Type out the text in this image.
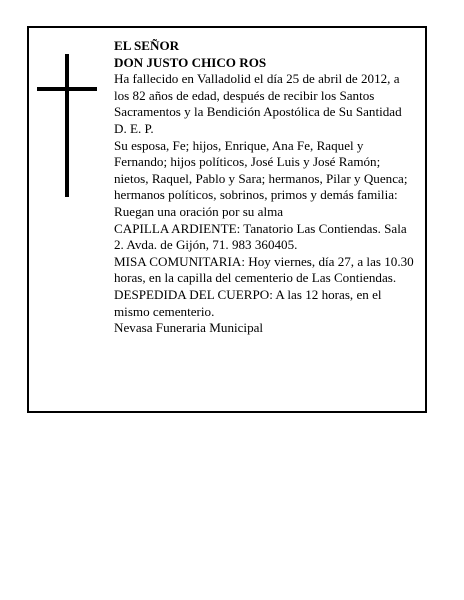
EL SEÑOR

DON JUSTO CHICO ROS

Ha fallecido en Valladolid el día 25 de abril de 2012, a los 82 años de edad, después de recibir los Santos Sacramentos y la Bendición Apostólica de Su Santidad D. E. P.

Su esposa, Fe; hijos, Enrique, Ana Fe, Raquel y Fernando; hijos políticos, José Luis y José Ramón; nietos, Raquel, Pablo y Sara; hermanos, Pilar y Quenca; hermanos políticos, sobrinos, primos y demás familia:

Ruegan una oración por su alma

CAPILLA ARDIENTE: Tanatorio Las Contiendas. Sala 2. Avda. de Gijón, 71. 983 360405.

MISA COMUNITARIA: Hoy viernes, día 27, a las 10.30 horas, en la capilla del cementerio de Las Contiendas.

DESPEDIDA DEL CUERPO: A las 12 horas, en el mismo cementerio.

Nevasa Funeraria Municipal
